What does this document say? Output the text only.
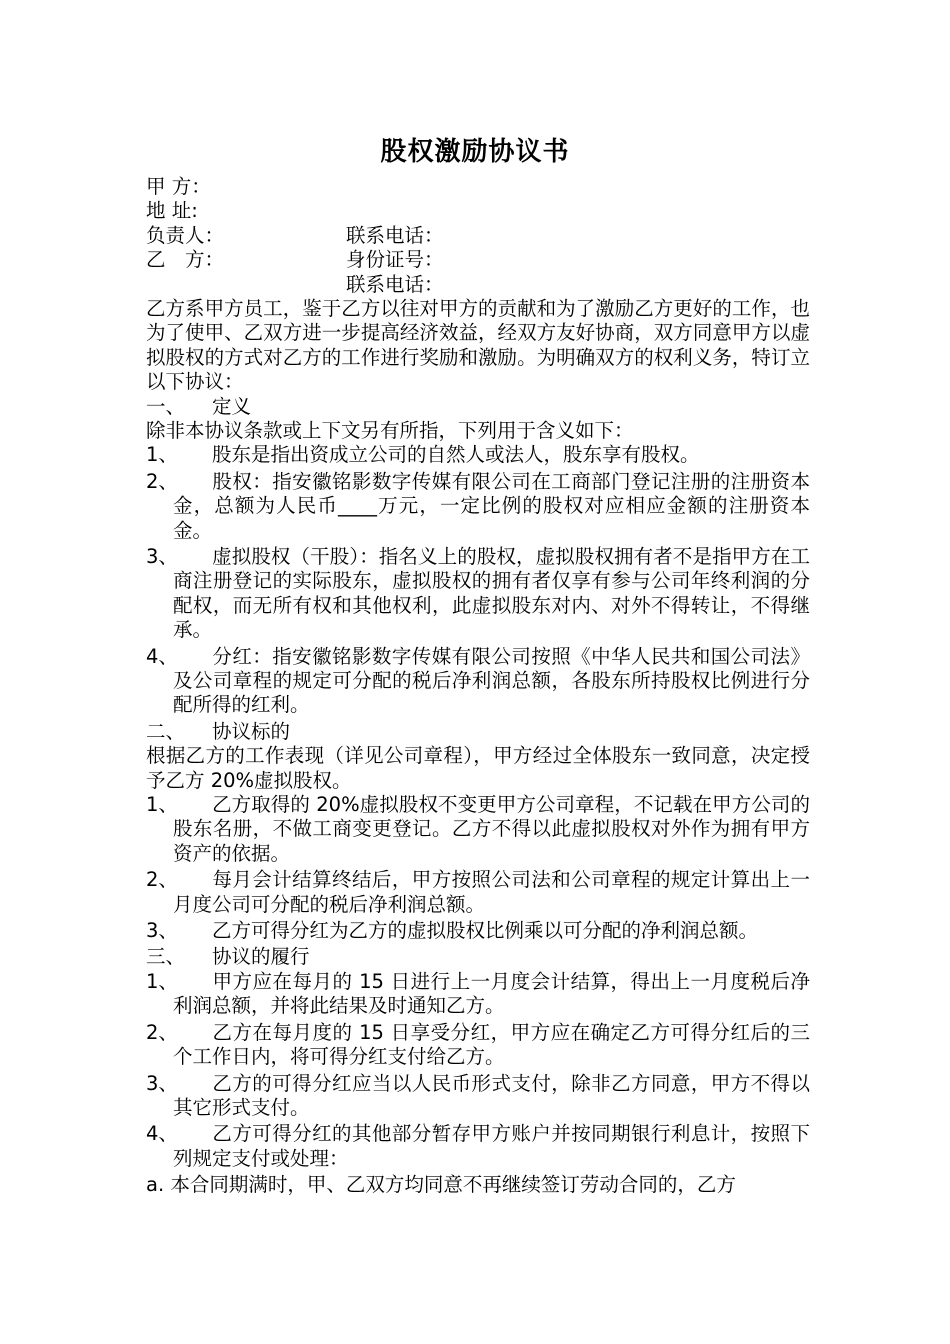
股权激励协议书
甲 方：
地 址:
负责人：	联系电话：
乙　方：	身份证号：
联系电话：
乙方系甲方员工，鉴于乙方以往对甲方的贡献和为了激励乙方更好的工作，也为了使甲、乙双方进一步提高经济效益，经双方友好协商，双方同意甲方以虚拟股权的方式对乙方的工作进行奖励和激励。为明确双方的权利义务，特订立以下协议：
一、 定义
除非本协议条款或上下文另有所指，下列用于含义如下：
1、 股东是指出资成立公司的自然人或法人，股东享有股权。
2、 股权：指安徽铭影数字传媒有限公司在工商部门登记注册的注册资本金，总额为人民币____万元，一定比例的股权对应相应金额的注册资本金。
3、 虚拟股权（干股）：指名义上的股权，虚拟股权拥有者不是指甲方在工商注册登记的实际股东，虚拟股权的拥有者仅享有参与公司年终利润的分配权，而无所有权和其他权利，此虚拟股东对内、对外不得转让，不得继承。
4、 分红：指安徽铭影数字传媒有限公司按照《中华人民共和国公司法》及公司章程的规定可分配的税后净利润总额，各股东所持股权比例进行分配所得的红利。
二、 协议标的
根据乙方的工作表现（详见公司章程），甲方经过全体股东一致同意，决定授予乙方 20%虚拟股权。
1、 乙方取得的 20%虚拟股权不变更甲方公司章程，不记载在甲方公司的股东名册，不做工商变更登记。乙方不得以此虚拟股权对外作为拥有甲方资产的依据。
2、 每月会计结算终结后，甲方按照公司法和公司章程的规定计算出上一月度公司可分配的税后净利润总额。
3、 乙方可得分红为乙方的虚拟股权比例乘以可分配的净利润总额。
三、 协议的履行
1、 甲方应在每月的 15 日进行上一月度会计结算，得出上一月度税后净利润总额，并将此结果及时通知乙方。
2、 乙方在每月度的 15 日享受分红，甲方应在确定乙方可得分红后的三个工作日内，将可得分红支付给乙方。
3、 乙方的可得分红应当以人民币形式支付，除非乙方同意，甲方不得以其它形式支付。
4、 乙方可得分红的其他部分暂存甲方账户并按同期银行利息计，按照下列规定支付或处理：
a. 本合同期满时，甲、乙双方均同意不再继续签订劳动合同的，乙方
